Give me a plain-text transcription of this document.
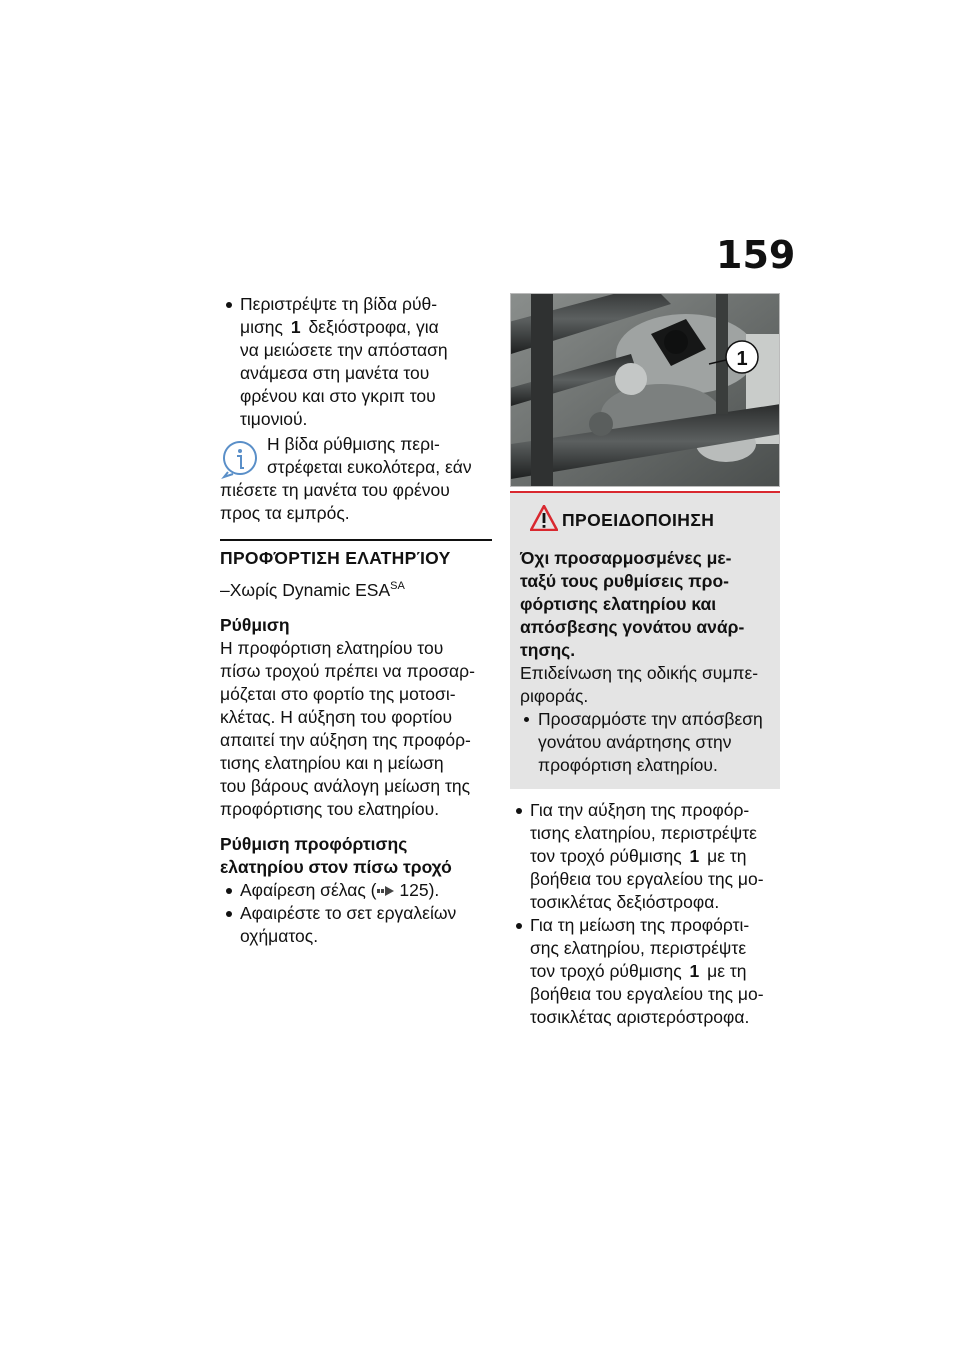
159

Περιστρέψτε τη βίδα ρύθ-

μισης 1 δεξιόστροφα, για

να μειώσετε την απόσταση

ανάμεσα στη μανέτα του

φρένου και στο γκριπ του

τιμονιού.

Η βίδα ρύθμισης περι-

στρέφεται ευκολότερα, εάν

πιέσετε τη μανέτα του φρένου

προς τα εμπρός.

ΠΡΟΦΌΡΤΙΣΗ ΕΛΑΤΗΡΊΟΥ
–Χωρίς Dynamic $ESA^{SA}$
Ρύθμιση

Η προφόρτιση ελατηρίου του

πίσω τροχού πρέπει να προσαρ-

μόζεται στο φορτίο της μοτοσι-

κλέτας. Η αύξηση του φορτίου

απαιτεί την αύξηση της προφόρ-

τισης ελατηρίου και η μείωση

του βάρους ανάλογη μείωση της

προφόρτισης του ελατηρίου.

Ρύθμιση προφόρτισης
ελατηρίου στον πίσω τροχό

Αφαίρεση σέλας ( 125).

Αφαιρέστε το σετ εργαλείων

οχήματος.

1
ΠΡΟΕΙΔΟΠΟΙΗΣΗ
Όχι προσαρμοσμένες με-
ταξύ τους ρυθμίσεις προ-
φόρτισης ελατηρίου και
απόσβεσης γονάτου ανάρ-
τησης.
Επιδείνωση της οδικής συμπε-
ριφοράς.

Προσαρμόστε την απόσβεση

γονάτου ανάρτησης στην

προφόρτιση ελατηρίου.

Για την αύξηση της προφόρ-

τισης ελατηρίου, περιστρέψτε

τον τροχό ρύθμισης 1 με τη

βοήθεια του εργαλείου της μο-

τοσικλέτας δεξιόστροφα.

Για τη μείωση της προφόρτι-

σης ελατηρίου, περιστρέψτε

τον τροχό ρύθμισης 1 με τη

βοήθεια του εργαλείου της μο-

τοσικλέτας αριστερόστροφα.
